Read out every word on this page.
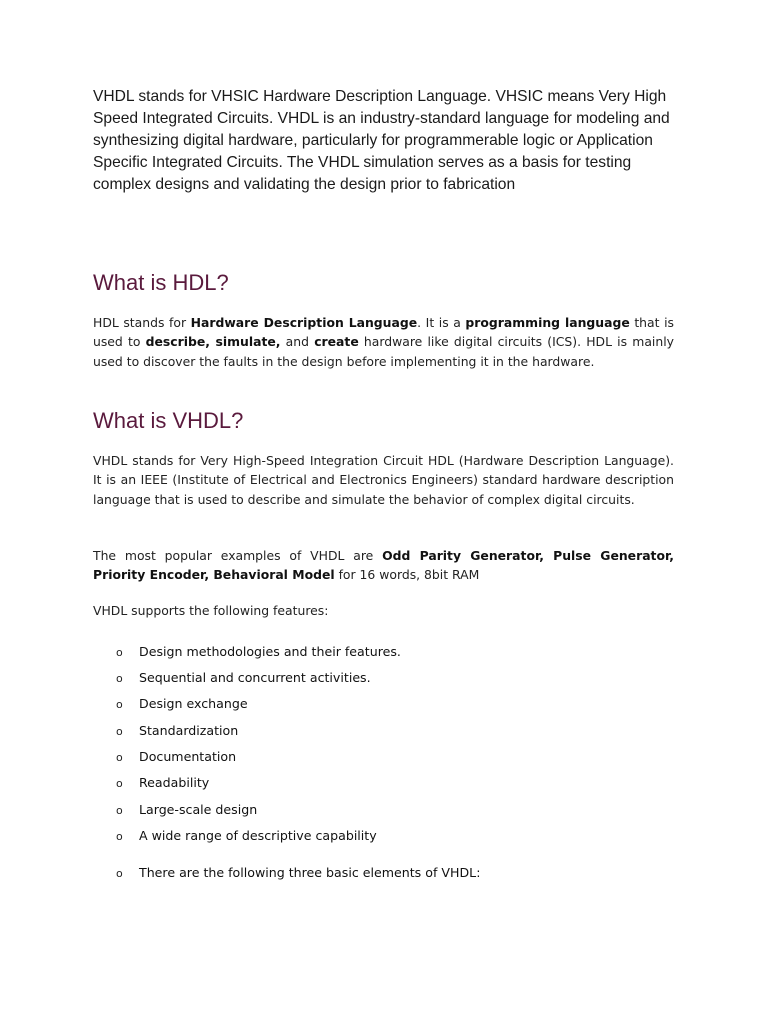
VHDL stands for VHSIC Hardware Description Language. VHSIC means Very High Speed Integrated Circuits. VHDL is an industry-standard language for modeling and synthesizing digital hardware, particularly for programmerable logic or Application Specific Integrated Circuits. The VHDL simulation serves as a basis for testing complex designs and validating the design prior to fabrication

What is HDL?

HDL stands for Hardware Description Language. It is a programming language that is used to describe, simulate, and create hardware like digital circuits (ICS). HDL is mainly used to discover the faults in the design before implementing it in the hardware.

What is VHDL?

VHDL stands for Very High-Speed Integration Circuit HDL (Hardware Description Language). It is an IEEE (Institute of Electrical and Electronics Engineers) standard hardware description language that is used to describe and simulate the behavior of complex digital circuits.

The most popular examples of VHDL are Odd Parity Generator, Pulse Generator, Priority Encoder, Behavioral Model for 16 words, 8bit RAM

VHDL supports the following features:

o Design methodologies and their features.
o Sequential and concurrent activities.
o Design exchange
o Standardization
o Documentation
o Readability
o Large-scale design
o A wide range of descriptive capability
o There are the following three basic elements of VHDL:
